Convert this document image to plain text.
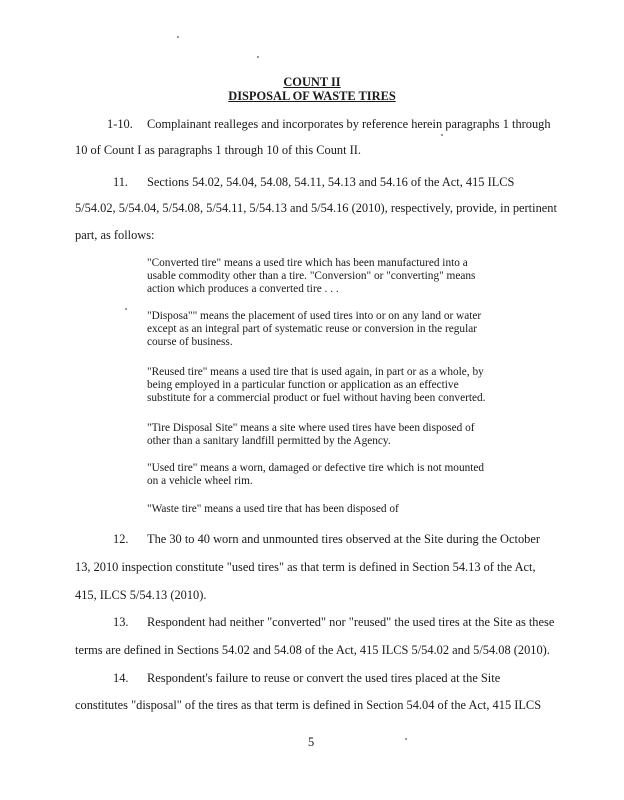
COUNT II
DISPOSAL OF WASTE TIRES
1-10. Complainant realleges and incorporates by reference herein paragraphs 1 through
10 of Count I as paragraphs 1 through 10 of this Count II.
11. Sections 54.02, 54.04, 54.08, 54.11, 54.13 and 54.16 of the Act, 415 ILCS
5/54.02, 5/54.04, 5/54.08, 5/54.11, 5/54.13 and 5/54.16 (2010), respectively, provide, in pertinent
part, as follows:
"Converted tire" means a used tire which has been manufactured into a
usable commodity other than a tire. "Conversion" or "converting" means
action which produces a converted tire . . .
"Disposa"" means the placement of used tires into or on any land or water
except as an integral part of systematic reuse or conversion in the regular
course of business.
"Reused tire" means a used tire that is used again, in part or as a whole, by
being employed in a particular function or application as an effective
substitute for a commercial product or fuel without having been converted.
"Tire Disposal Site" means a site where used tires have been disposed of
other than a sanitary landfill permitted by the Agency.
"Used tire" means a worn, damaged or defective tire which is not mounted
on a vehicle wheel rim.
"Waste tire" means a used tire that has been disposed of
12. The 30 to 40 worn and unmounted tires observed at the Site during the October
13, 2010 inspection constitute "used tires" as that term is defined in Section 54.13 of the Act,
415, ILCS 5/54.13 (2010).
13. Respondent had neither "converted" nor "reused" the used tires at the Site as these
terms are defined in Sections 54.02 and 54.08 of the Act, 415 ILCS 5/54.02 and 5/54.08 (2010).
14. Respondent's failure to reuse or convert the used tires placed at the Site
constitutes "disposal" of the tires as that term is defined in Section 54.04 of the Act, 415 ILCS
5
